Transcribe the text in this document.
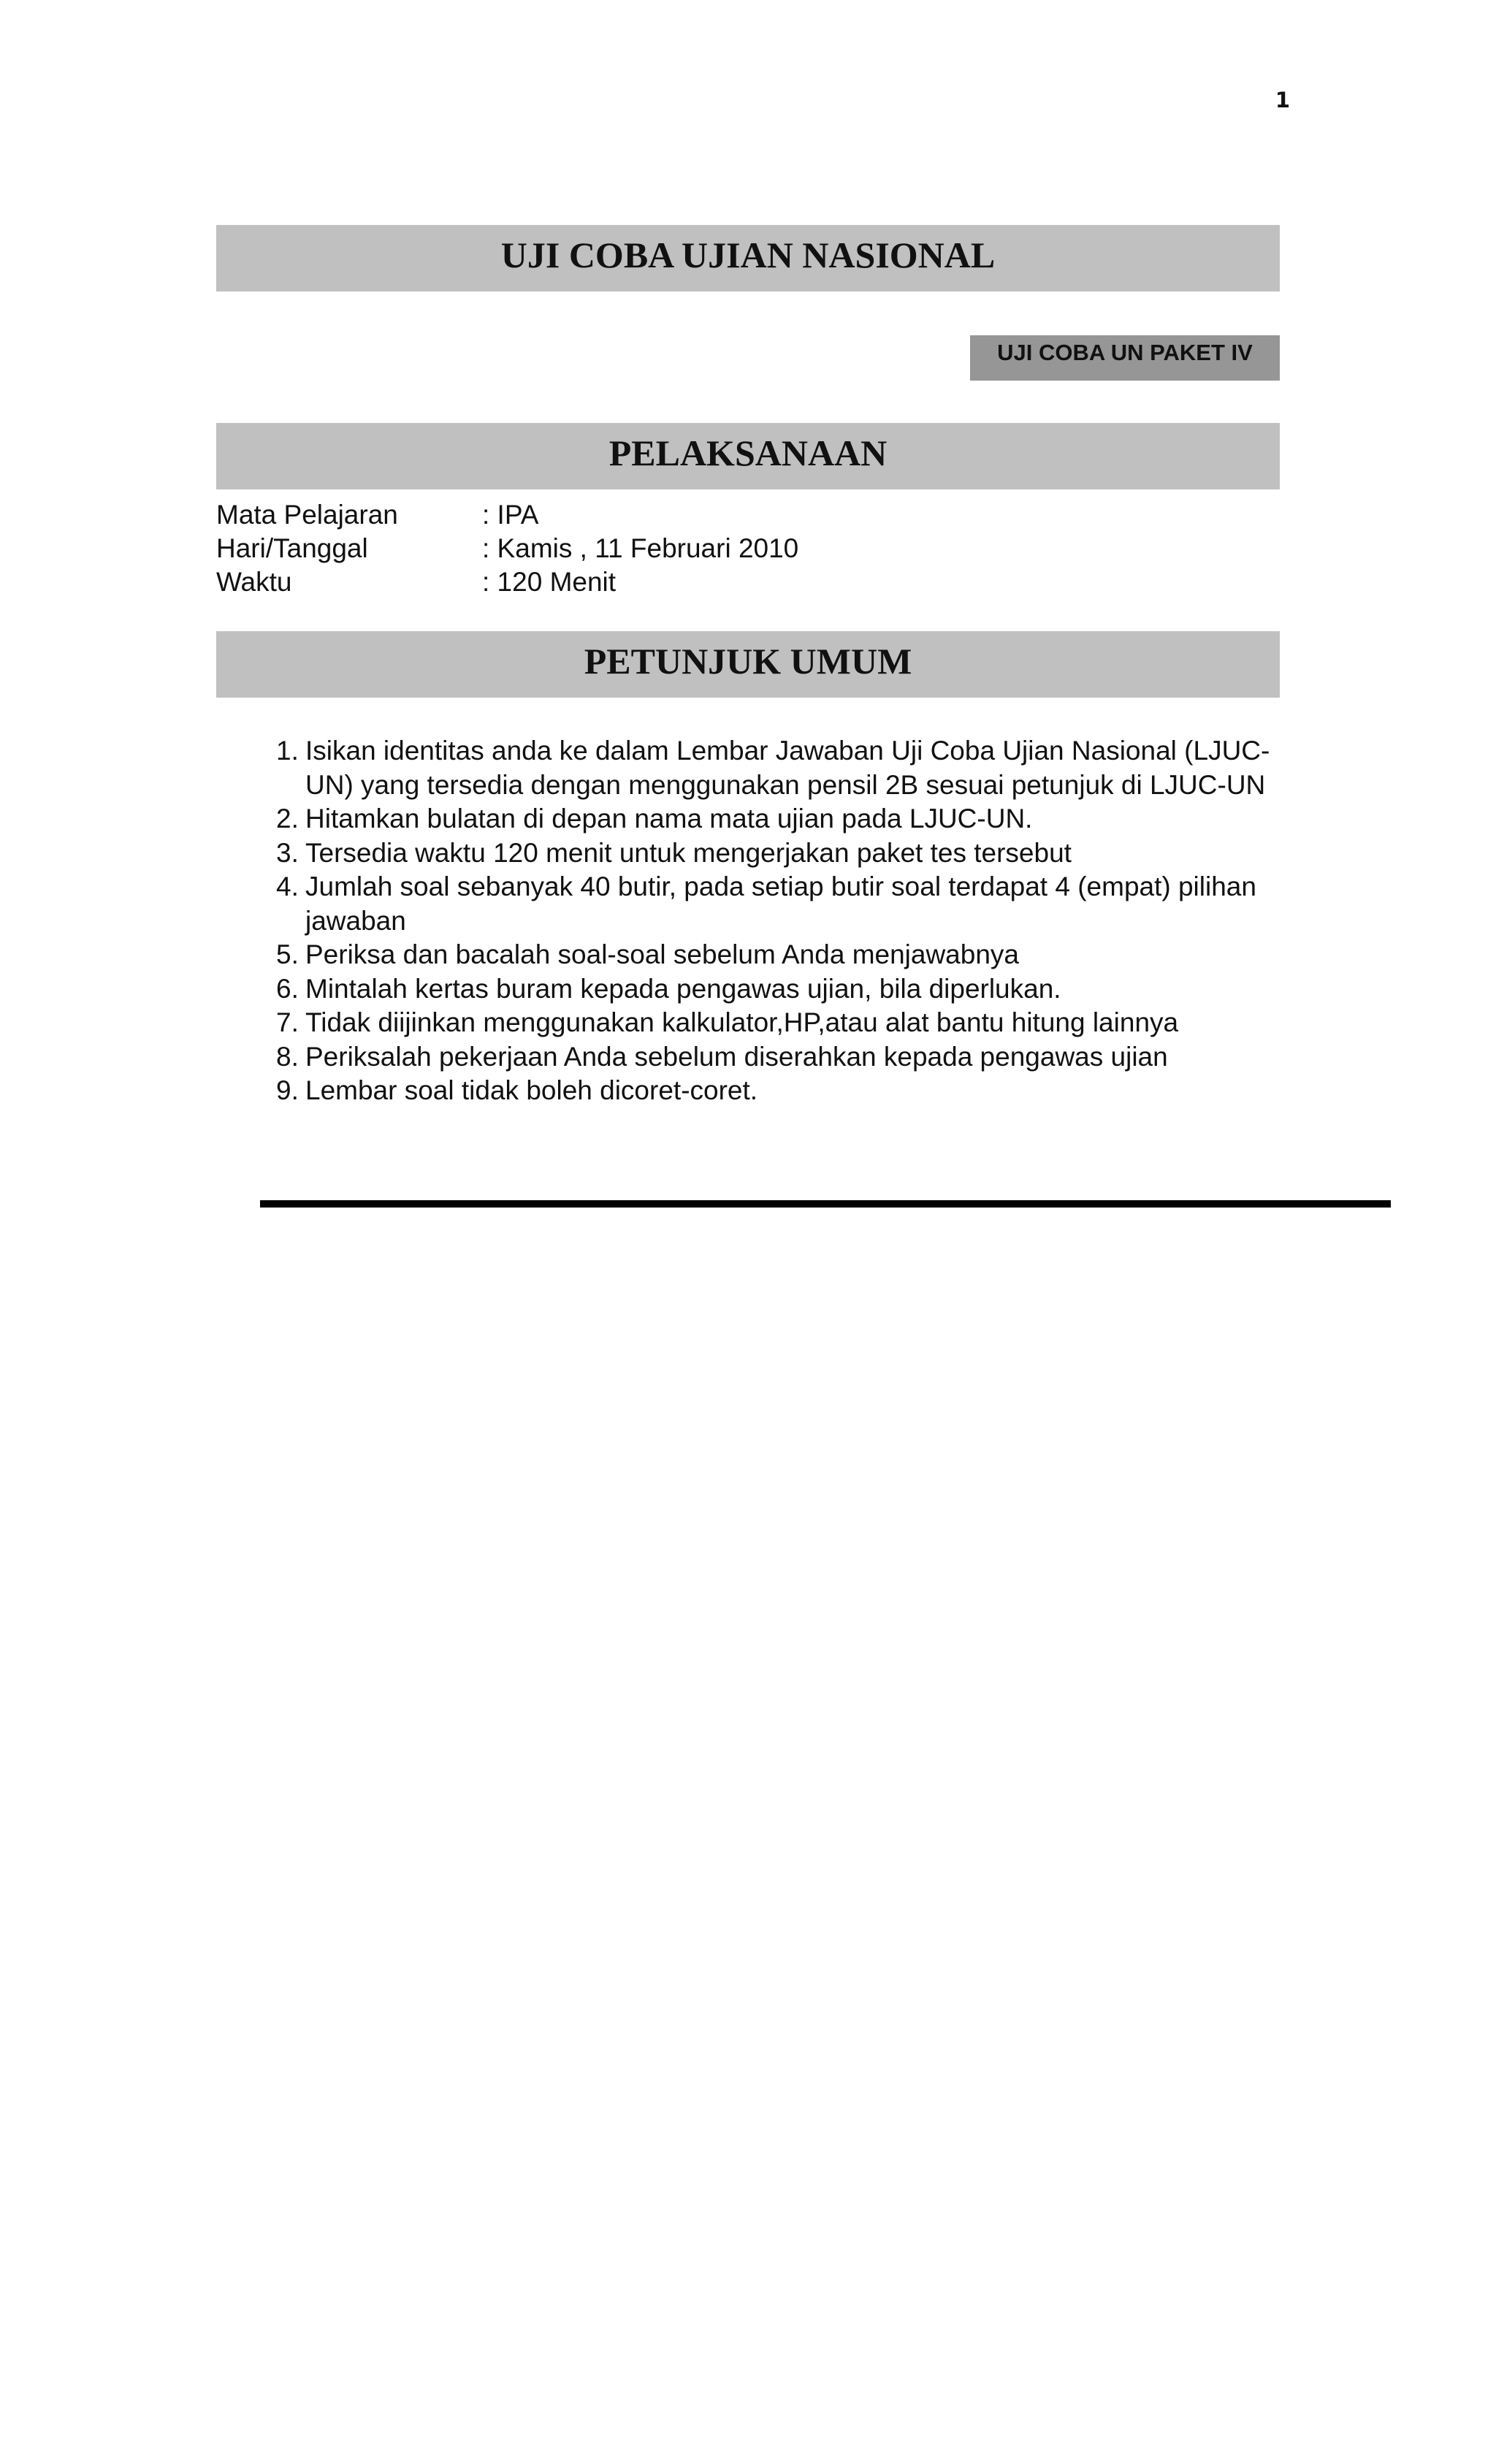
1
UJI COBA UJIAN NASIONAL
UJI COBA UN PAKET IV
PELAKSANAAN
Mata Pelajaran	: IPA
Hari/Tanggal	: Kamis , 11 Februari 2010
Waktu	: 120 Menit
PETUNJUK UMUM
1. Isikan identitas anda ke dalam Lembar Jawaban Uji Coba Ujian Nasional (LJUC-UN) yang tersedia dengan menggunakan pensil 2B sesuai petunjuk di LJUC-UN
2. Hitamkan bulatan di depan nama mata ujian pada LJUC-UN.
3. Tersedia waktu 120 menit untuk mengerjakan paket tes tersebut
4. Jumlah soal sebanyak 40 butir, pada setiap butir soal terdapat 4 (empat) pilihan jawaban
5. Periksa dan bacalah soal-soal sebelum Anda menjawabnya
6. Mintalah kertas buram kepada pengawas ujian, bila diperlukan.
7. Tidak diijinkan menggunakan kalkulator,HP,atau alat bantu hitung lainnya
8. Periksalah pekerjaan Anda sebelum diserahkan kepada pengawas ujian
9. Lembar soal tidak boleh dicoret-coret.
